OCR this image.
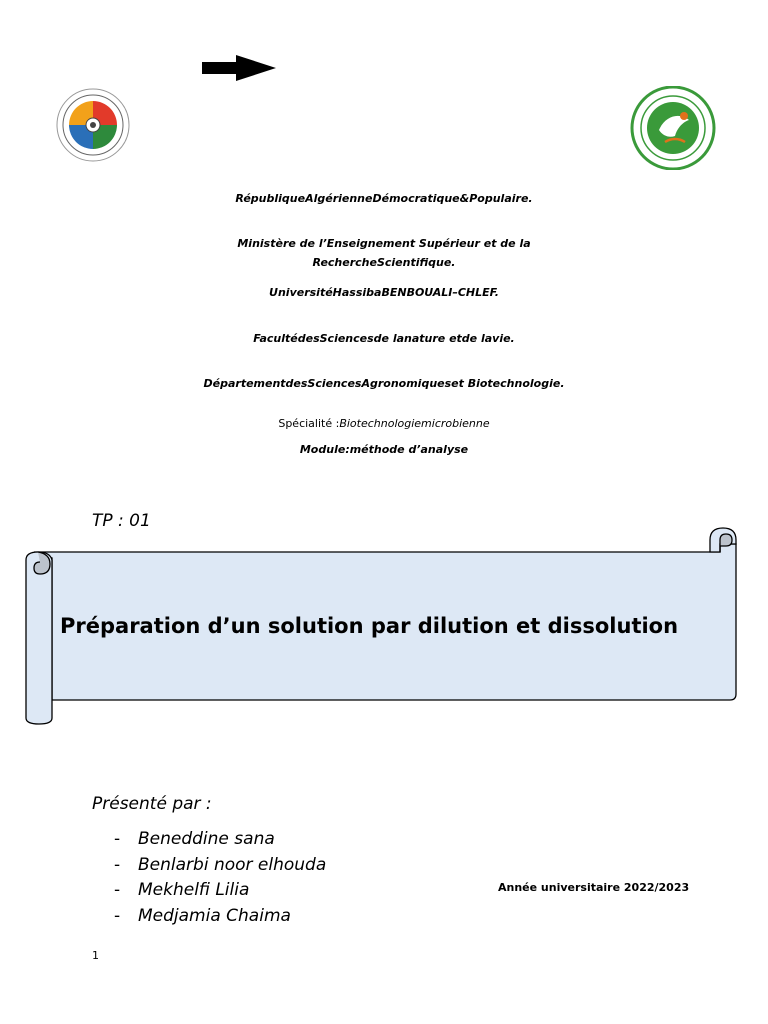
RépubliqueAlgérienneDémocratique&Populaire.
Ministère de l’Enseignement Supérieur et de la
RechercheScientifique.
UniversitéHassibaBENBOUALI–CHLEF.
FacultédesSciencesde lanature etde lavie.
DépartementdesSciencesAgronomiqueset Biotechnologie.
Spécialité :Biotechnologiemicrobienne
Module:méthode d’analyse
TP : 01
Préparation d’un solution par dilution et dissolution
Présenté par :
- Beneddine sana
- Benlarbi noor elhouda
- Mekhelfi Lilia
- Medjamia Chaima
Année universitaire 2022/2023
1
